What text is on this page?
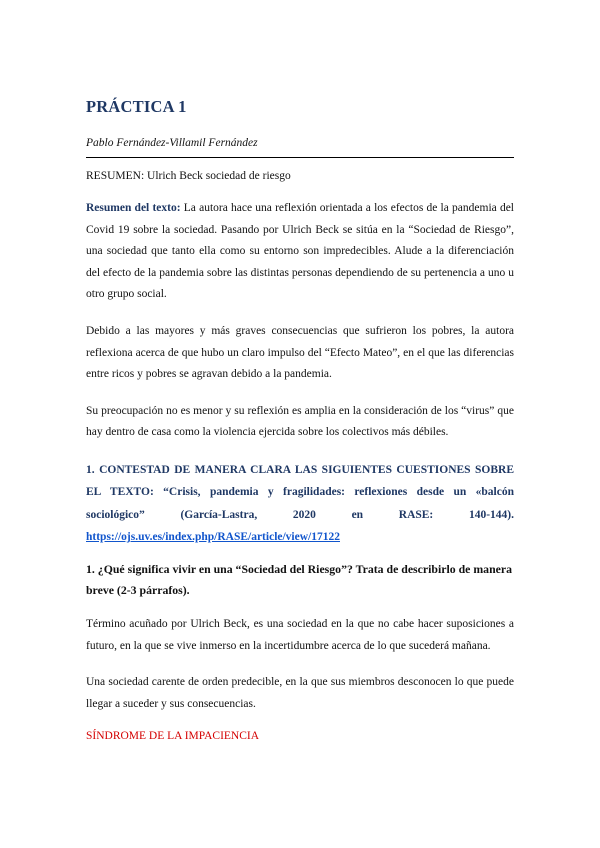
PRÁCTICA 1

Pablo Fernández-Villamil Fernández

RESUMEN: Ulrich Beck sociedad de riesgo

Resumen del texto: La autora hace una reflexión orientada a los efectos de la pandemia del Covid 19 sobre la sociedad. Pasando por Ulrich Beck se sitúa en la “Sociedad de Riesgo”, una sociedad que tanto ella como su entorno son impredecibles. Alude a la diferenciación del efecto de la pandemia sobre las distintas personas dependiendo de su pertenencia a uno u otro grupo social.

Debido a las mayores y más graves consecuencias que sufrieron los pobres, la autora reflexiona acerca de que hubo un claro impulso del “Efecto Mateo”, en el que las diferencias entre ricos y pobres se agravan debido a la pandemia.

Su preocupación no es menor y su reflexión es amplia en la consideración de los “virus” que hay dentro de casa como la violencia ejercida sobre los colectivos más débiles.

1. CONTESTAD DE MANERA CLARA LAS SIGUIENTES CUESTIONES SOBRE EL TEXTO: “Crisis, pandemia y fragilidades: reflexiones desde un «balcón sociológico” (García-Lastra, 2020 en RASE: 140-144). https://ojs.uv.es/index.php/RASE/article/view/17122

1. ¿Qué significa vivir en una “Sociedad del Riesgo”? Trata de describirlo de manera breve (2-3 párrafos).

Término acuñado por Ulrich Beck, es una sociedad en la que no cabe hacer suposiciones a futuro, en la que se vive inmerso en la incertidumbre acerca de lo que sucederá mañana.

Una sociedad carente de orden predecible, en la que sus miembros desconocen lo que puede llegar a suceder y sus consecuencias.

SÍNDROME DE LA IMPACIENCIA
